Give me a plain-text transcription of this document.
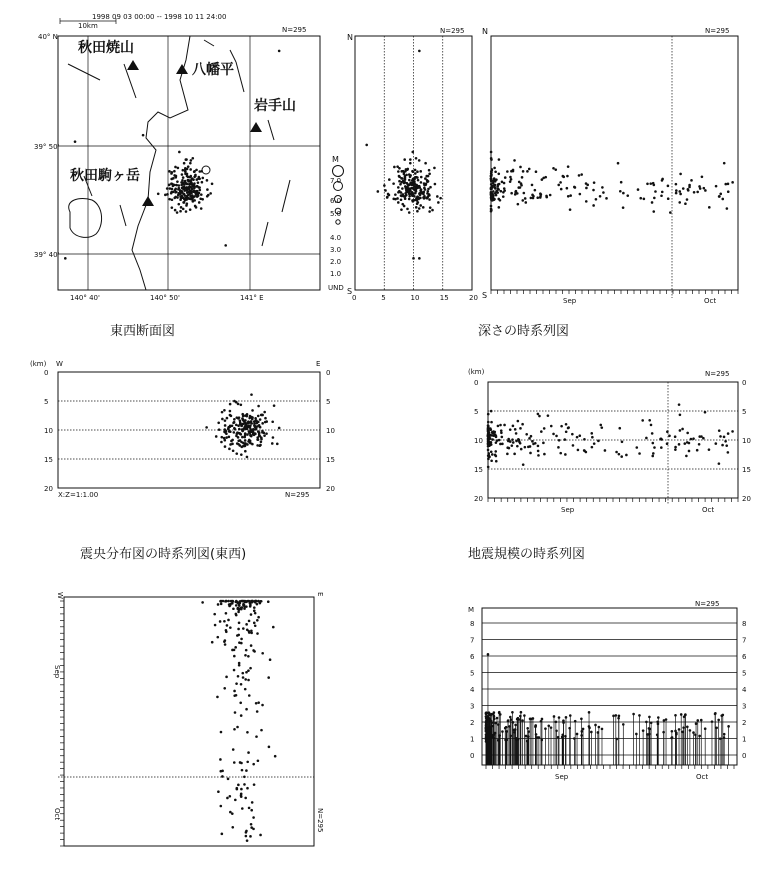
1998 09 03 00:00 -- 1998 10 11 24:00
10km	N=295
40° N
39° 50'
39° 40'
140° 40'	140° 50'	141° E
秋田焼山
八幡平
岩手山
秋田駒ヶ岳
M
7.0
6.0
5.0
4.0
3.0
2.0
1.0
UND
N
S
N=295
0	5	10	15	20
N
S
N=295
Sep	Oct
東西断面図	深さの時系列図
(km) W	E
X:Z=1:1.00	N=295
0	0
5	5
10	10
15	15
20	20
(km)	N=295
0	0
5	5
10	10
15	15
20	20
Sep	Oct
震央分布図の時系列図(東西)	地震規模の時系列図
W	E
N=295
Sep
Oct
M
N=295
0	0
1	1
2	2
3	3
4	4
5	5
6	6
7	7
8	8
Sep	Oct
